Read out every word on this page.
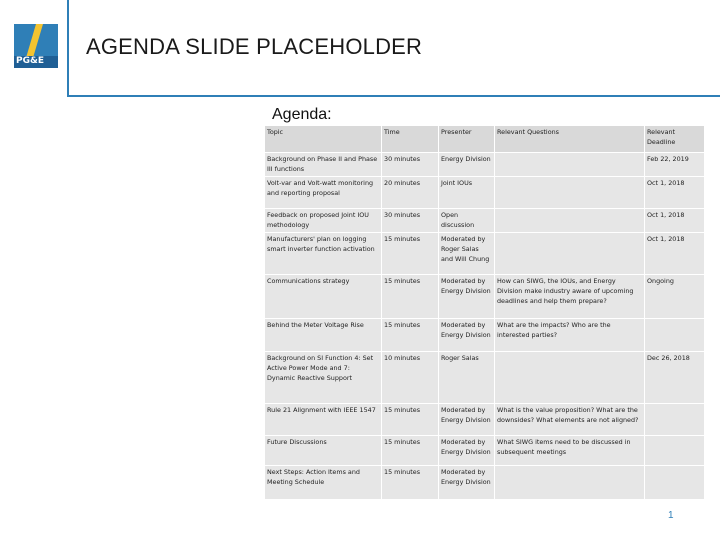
PG&E
AGENDA SLIDE PLACEHOLDER
Agenda:
Topic	Time	Presenter	Relevant Questions	Relevant Deadline
Background on Phase II and Phase III functions	30 minutes	Energy Division		Feb 22, 2019
Volt-var and Volt-watt monitoring and reporting proposal	20 minutes	Joint IOUs		Oct 1, 2018
Feedback on proposed Joint IOU methodology	30 minutes	Open discussion		Oct 1, 2018
Manufacturers' plan on logging smart inverter function activation	15 minutes	Moderated by Roger Salas and Will Chung		Oct 1, 2018
Communications strategy	15 minutes	Moderated by Energy Division	How can SIWG, the IOUs, and Energy Division make industry aware of upcoming deadlines and help them prepare?	Ongoing
Behind the Meter Voltage Rise	15 minutes	Moderated by Energy Division	What are the impacts? Who are the interested parties?	
Background on SI Function 4: Set Active Power Mode and 7: Dynamic Reactive Support	10 minutes	Roger Salas		Dec 26, 2018
Rule 21 Alignment with IEEE 1547	15 minutes	Moderated by Energy Division	What is the value proposition? What are the downsides? What elements are not aligned?	
Future Discussions	15 minutes	Moderated by Energy Division	What SIWG items need to be discussed in subsequent meetings	
Next Steps: Action Items and Meeting Schedule	15 minutes	Moderated by Energy Division		
1
